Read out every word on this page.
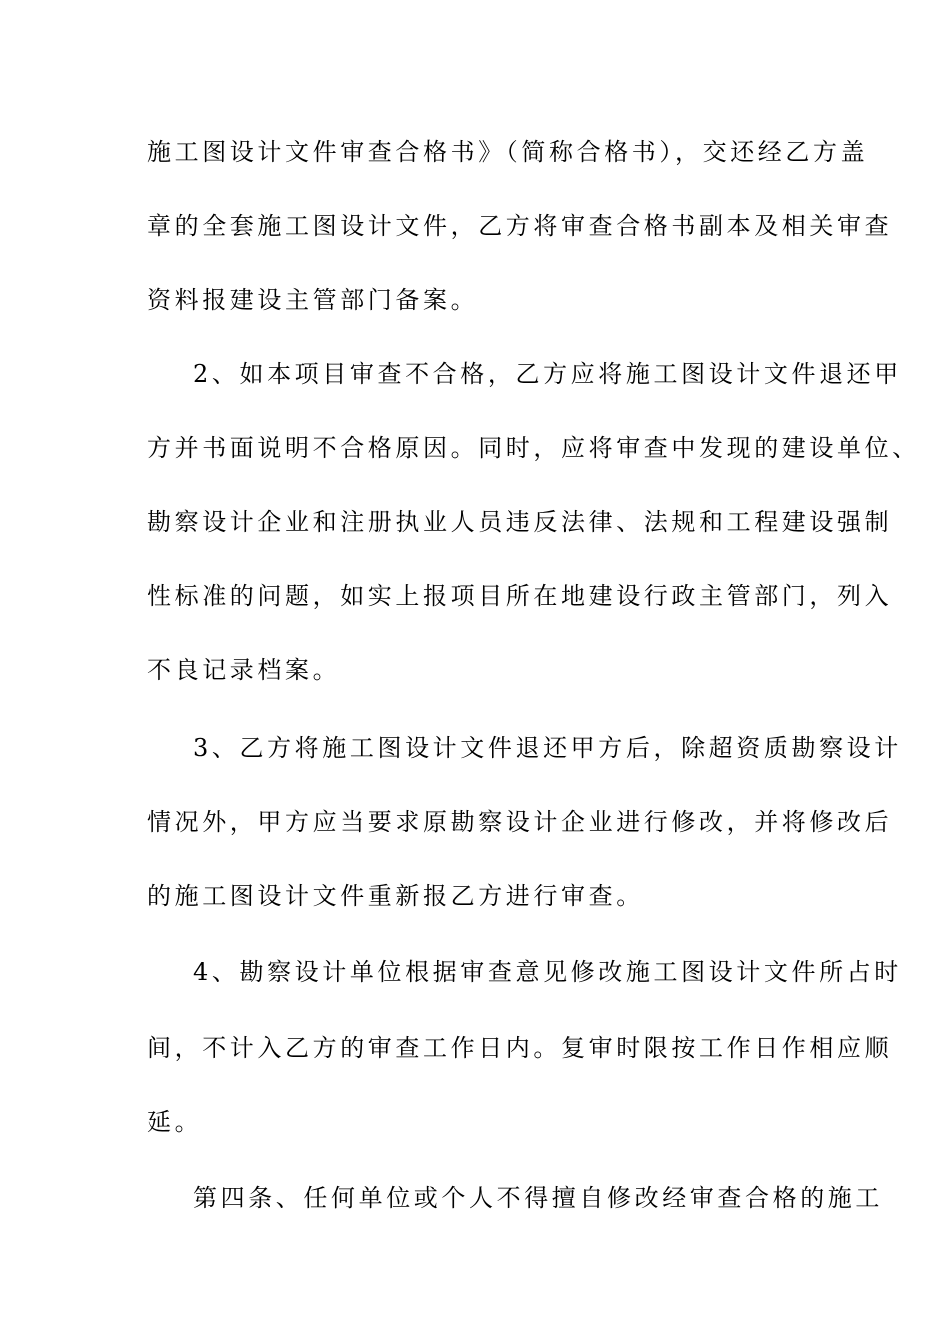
施工图设计文件审查合格书》（简称合格书），交还经乙方盖
章的全套施工图设计文件，乙方将审查合格书副本及相关审查
资料报建设主管部门备案。
2、如本项目审查不合格，乙方应将施工图设计文件退还甲
方并书面说明不合格原因。同时，应将审查中发现的建设单位、
勘察设计企业和注册执业人员违反法律、法规和工程建设强制
性标准的问题，如实上报项目所在地建设行政主管部门，列入
不良记录档案。
3、乙方将施工图设计文件退还甲方后，除超资质勘察设计
情况外，甲方应当要求原勘察设计企业进行修改，并将修改后
的施工图设计文件重新报乙方进行审查。
4、勘察设计单位根据审查意见修改施工图设计文件所占时
间，不计入乙方的审查工作日内。复审时限按工作日作相应顺
延。
第四条、任何单位或个人不得擅自修改经审查合格的施工
